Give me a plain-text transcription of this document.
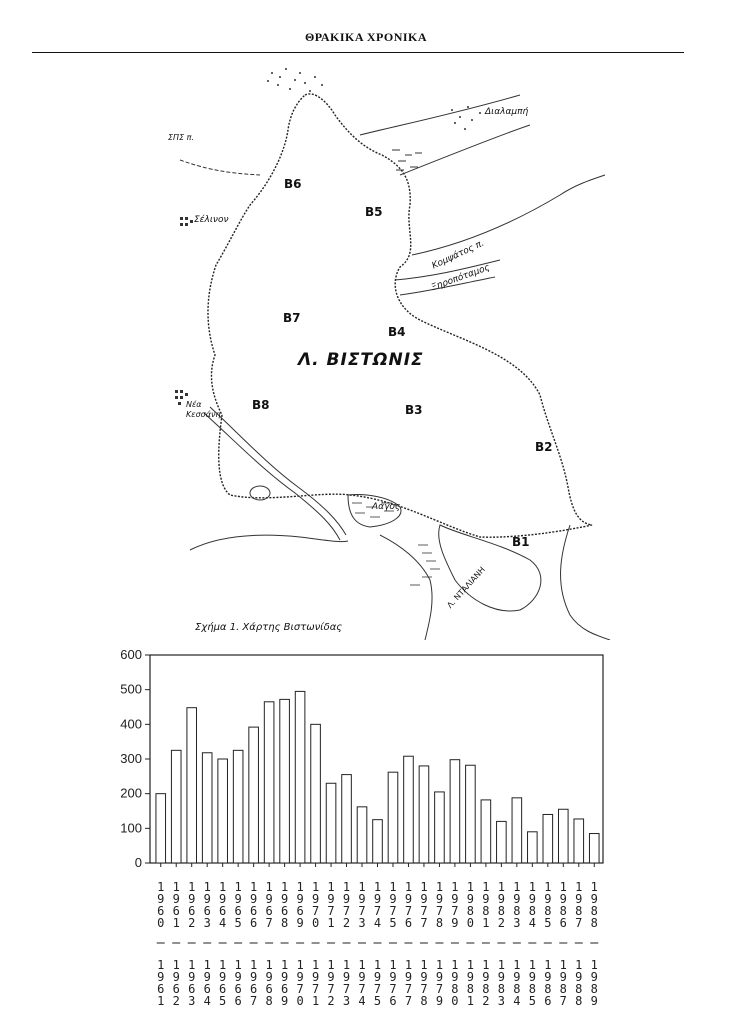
ΘΡΑΚΙΚΑ ΧΡΟΝΙΚΑ
Λ. ΒΙΣΤΩΝΙΣ
B1
B2
B3
B4
B5
B6
B7
B8
Διαλαμπή
Σέλινον
Νέα Κεσσάνη
Κομψάτος π.
Ξηροπόταμος
Λάγος
Λ. ΝΤΑΛΙΑΝΗ
ΣΠΣ π.
Σχήμα 1. Χάρτης Βιστωνίδας
0
100
200
300
400
500
600
1
9
6
0
1
9
6
1
1
9
6
1
1
9
6
2
1
9
6
2
1
9
6
3
1
9
6
3
1
9
6
4
1
9
6
4
1
9
6
5
1
9
6
5
1
9
6
6
1
9
6
6
1
9
6
7
1
9
6
7
1
9
6
8
1
9
6
8
1
9
6
9
1
9
6
9
1
9
7
0
1
9
7
0
1
9
7
1
1
9
7
1
1
9
7
2
1
9
7
2
1
9
7
3
1
9
7
3
1
9
7
4
1
9
7
4
1
9
7
5
1
9
7
5
1
9
7
6
1
9
7
6
1
9
7
7
1
9
7
7
1
9
7
8
1
9
7
8
1
9
7
9
1
9
7
9
1
9
8
0
1
9
8
0
1
9
8
1
1
9
8
1
1
9
8
2
1
9
8
2
1
9
8
3
1
9
8
3
1
9
8
4
1
9
8
4
1
9
8
5
1
9
8
5
1
9
8
6
1
9
8
6
1
9
8
7
1
9
8
7
1
9
8
8
1
9
8
8
1
9
8
9
